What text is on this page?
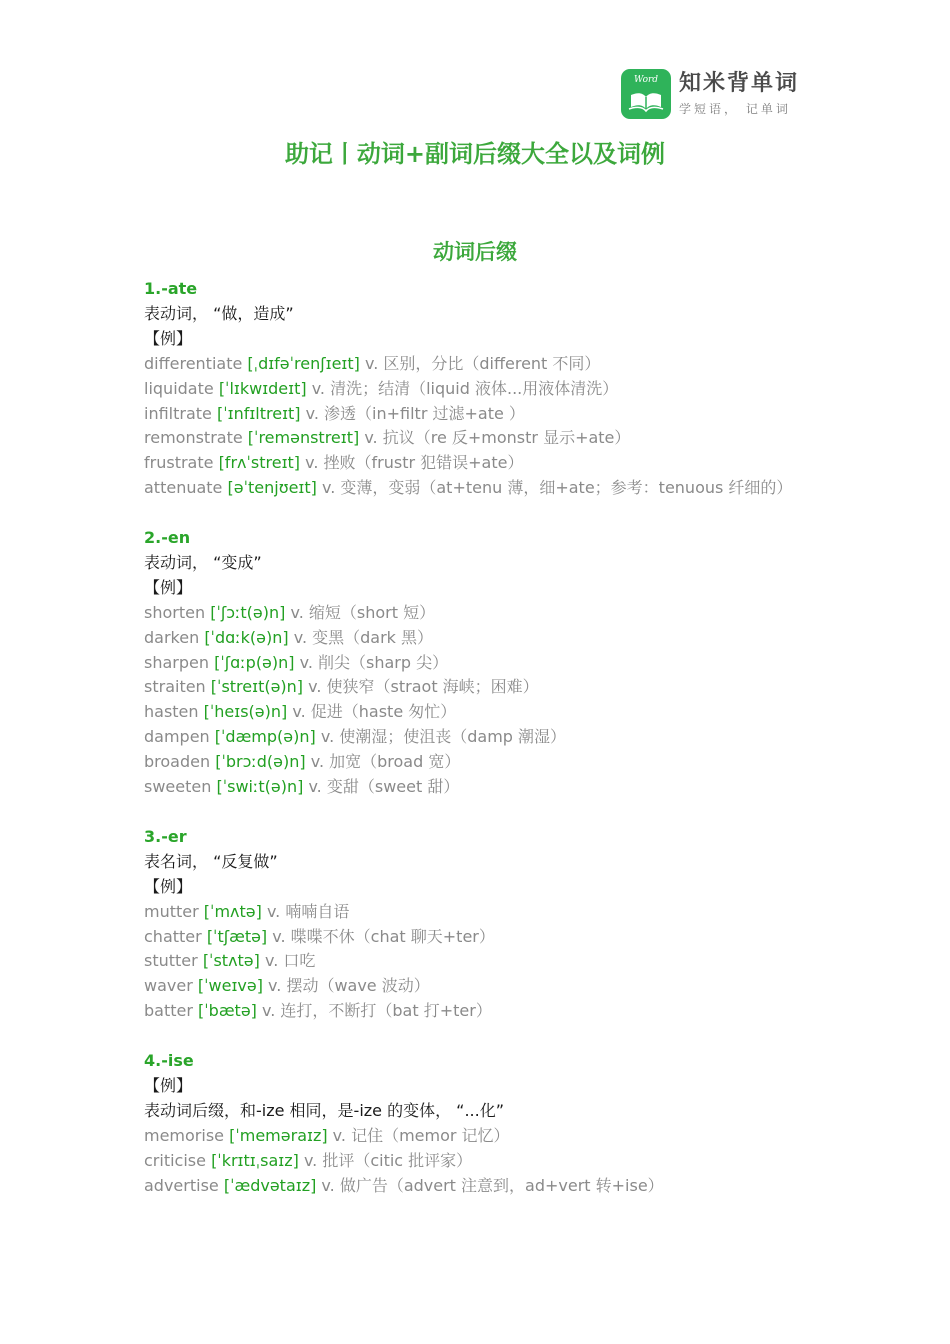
Word 知米背单词
学短语， 记单词
助记丨动词+副词后缀大全以及词例
动词后缀
1.-ate
表动词， “做，造成”
【例】
differentiate [ˌdɪfəˈrenʃɪeɪt] v. 区别，分比（different 不同）
liquidate [ˈlɪkwɪdeɪt] v. 清洗；结清（liquid 液体...用液体清洗）
infiltrate [ˈɪnfɪltreɪt] v. 渗透（in+filtr 过滤+ate ）
remonstrate [ˈremənstreɪt] v. 抗议（re 反+monstr 显示+ate）
frustrate [frʌˈstreɪt] v. 挫败（frustr 犯错误+ate）
attenuate [əˈtenjʊeɪt] v. 变薄，变弱（at+tenu 薄，细+ate；参考：tenuous 纤细的）
2.-en
表动词， “变成”
【例】
shorten [ˈʃɔːt(ə)n] v. 缩短（short 短）
darken [ˈdɑːk(ə)n] v. 变黑（dark 黑）
sharpen [ˈʃɑːp(ə)n] v. 削尖（sharp 尖）
straiten [ˈstreɪt(ə)n] v. 使狭窄（straot 海峡；困难）
hasten [ˈheɪs(ə)n] v. 促进（haste 匆忙）
dampen [ˈdæmp(ə)n] v. 使潮湿；使沮丧（damp 潮湿）
broaden [ˈbrɔːd(ə)n] v. 加宽（broad 宽）
sweeten [ˈswiːt(ə)n] v. 变甜（sweet 甜）
3.-er
表名词， “反复做”
【例】
mutter [ˈmʌtə] v. 喃喃自语
chatter [ˈtʃætə] v. 喋喋不休（chat 聊天+ter）
stutter [ˈstʌtə] v. 口吃
waver [ˈweɪvə] v. 摆动（wave 波动）
batter [ˈbætə] v. 连打，不断打（bat 打+ter）
4.-ise
【例】
表动词后缀，和-ize 相同，是-ize 的变体， “...化”
memorise [ˈmeməraɪz] v. 记住（memor 记忆）
criticise [ˈkrɪtɪˌsaɪz] v. 批评（citic 批评家）
advertise [ˈædvətaɪz] v. 做广告（advert 注意到，ad+vert 转+ise）
